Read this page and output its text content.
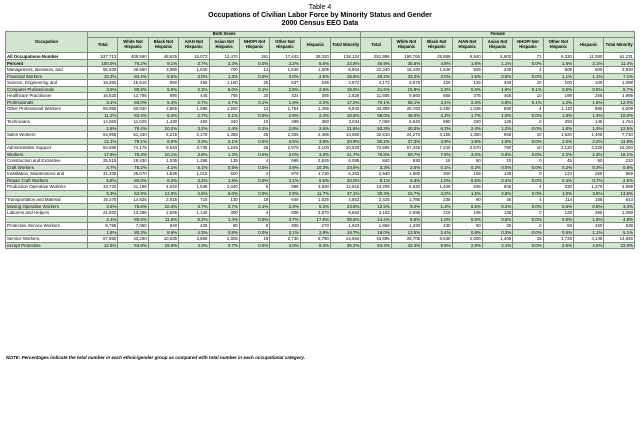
Table 4
Occupations of Civilian Labor Force by Minority Status and Gender
2000 Census EEO Data
Occupation	Both Sexes									Female								
	Total	White Not Hispanic	Black Not Hispanic	AIAN Not Hispanic	Asian Not Hispanic	NHOPI Not Hispanic	Other Not Hispanic	Hispanic	Total Minority	Total	White Not Hispanic	Black Not Hispanic	AIAN Not Hispanic	Asian Not Hispanic	NHOPI Not Hispanic	Other Not Hispanic	Hispanic	Total Minority
All Occupations-Number	537,713	409,590	48,625	15,073	12,470	191	17,443	29,320	128,124	251,996	190,765	25,886	9,940	5,900	71	6,330	11,080	61,231
Percent	100.0%	76.2%	9.1%	3.7%	2.3%	0.0%	3.2%	5.5%	23.8%	46.9%	35.5%	4.8%	1.8%	1.1%	0.0%	1.5%	2.1%	11.4%
Management, Business, and	55,530	46,660	3,080	1,640	700	14	1,645	1,605	8,664	22,340	18,420	1,645	825	230	4	605	600	3,920
Financial Workers	10.3%	84.4%	5.5%	3.0%	1.3%	0.0%	3.0%	2.9%	15.6%	40.2%	33.2%	3.0%	1.5%	0.5%	0.0%	1.1%	1.1%	7.1%
Science, Engineering and	19,265	15,615	990	465	1,160	25	537	535	3,672	4,173	3,075	420	125	340	10	100	100	1,098
Computer Professionals	3.6%	80.9%	5.0%	2.3%	6.0%	0.1%	2.8%	2.8%	19.0%	21.6%	15.9%	2.2%	0.6%	1.8%	0.1%	0.5%	0.5%	5.7%
Healthcare Practitioner	16,620	13,795	890	445	765	20	324	365	2,829	11,655	9,660	655	375	465	10	199	255	1,999
Professionals	3.1%	83.0%	5.4%	2.7%	4.7%	0.1%	1.9%	2.2%	17.0%	70.1%	58.1%	4.1%	2.3%	2.8%	0.1%	1.2%	1.5%	12.0%
Other Professional Workers	59,955	50,930	3,865	1,595	1,260	14	1,754	1,455	9,943	34,809	28,760	2,480	1,035	580	4	1,110	885	6,009
	11.2%	83.4%	6.4%	2.7%	2.1%	0.0%	2.9%	2.4%	16.6%	58.0%	48.0%	4.2%	1.7%	1.0%	0.0%	1.9%	1.3%	10.0%
Technicians	14,060	11,025	1,430	450	340	10	399	360	3,034	7,069	5,640	890	220	125	0	293	145	1,764
	2.6%	78.4%	10.2%	3.2%	2.4%	0.1%	2.8%	2.6%	21.6%	50.3%	40.0%	6.3%	2.4%	1.2%	0.0%	1.8%	1.0%	12.5%
Sales Workers	64,955	51,430	5,215	2,175	1,355	25	2,305	2,485	13,560	32,610	24,270	3,155	1,360	665	10	1,520	1,400	7,740
	12.1%	79.1%	8.0%	3.3%	2.1%	0.0%	3.5%	3.8%	20.9%	50.2%	37.3%	4.9%	1.8%	1.0%	0.0%	2.0%	2.2%	11.9%
Administrative Support	94,690	74,175	9,540	3,735	1,245	25	2,575	3,100	20,520	72,695	57,445	7,240	2,670	790	10	2,120	2,220	15,250
Workers	17.6%	78.3%	10.1%	3.9%	1.3%	0.0%	3.0%	3.3%	21.7%	76.8%	60.7%	7.6%	3.0%	0.8%	0.0%	2.2%	2.3%	16.1%
Construction and Extractive	25,515	19,430	1,035	1,295	135	4	995	2,625	6,089	840	630	15	60	10	0	45	80	210
Craft Workers	4.7%	76.2%	4.1%	5.1%	0.5%	0.0%	3.9%	10.3%	23.9%	3.3%	2.5%	0.1%	0.2%	0.0%	0.0%	0.2%	0.3%	0.8%
Installation, Maintenance and	31,335	25,070	1,535	1,015	600	4	979	1,730	6,263	2,940	1,980	300	155	135	0	124	255	969
Repair Craft Workers	5.8%	80.0%	6.2%	3.2%	1.9%	0.0%	3.1%	5.5%	20.0%	9.1%	6.3%	1.0%	0.5%	0.4%	0.0%	0.4%	0.7%	2.9%
Production Operative Workers	33,720	21,195	4,040	1,535	2,040	6	965	3,930	12,515	10,209	5,620	1,405	635	945	4	330	1,270	4,589
	6.3%	62.9%	12.0%	4.6%	6.0%	0.0%	2.9%	11.7%	37.1%	30.3%	16.7%	4.2%	1.5%	2.8%	0.0%	1.0%	3.8%	13.6%
Transportation and Material	19,375	14,825	2,015	715	130	19	649	1,025	4,553	2,425	1,785	235	90	45	4	114	155	643
Moving Operative Workers	3.6%	76.5%	10.4%	3.7%	0.7%	0.1%	3.3%	5.3%	23.5%	12.5%	9.2%	1.2%	0.5%	0.2%	0.0%	0.6%	0.8%	3.3%
Laborers and Helpers	21,920	13,285	2,555	1,145	300	4	808	3,870	8,662	3,163	2,095	215	195	135	0	128	395	1,068
	4.1%	60.6%	11.6%	5.2%	1.4%	0.0%	3.7%	17.6%	39.5%	14.4%	9.5%	1.0%	0.9%	0.6%	0.0%	0.6%	1.8%	4.9%
Protective Service Workers	9,795	7,060	940	425	80	0	305	270	1,923	1,868	1,330	230	80	30	0	58	150	538
	1.8%	80.3%	8.6%	4.3%	0.8%	0.0%	3.1%	2.8%	19.7%	19.0%	13.5%	2.4%	0.8%	0.3%	0.0%	0.6%	1.1%	5.1%
Service Workers,	67,850	43,290	10,535	3,585	2,505	19	2,730	5,780	24,564	43,695	28,705	6,630	2,000	1,405	15	1,725	3,145	14,945
except Protective	12.6%	63.8%	15.6%	4.3%	3.7%	0.0%	4.0%	8.4%	36.2%	64.4%	42.4%	9.8%	2.9%	2.1%	0.0%	2.6%	4.6%	22.0%
NOTE: Percentages indicate the total number in each ethnic/gender group as compared with total number in each occupational category.
